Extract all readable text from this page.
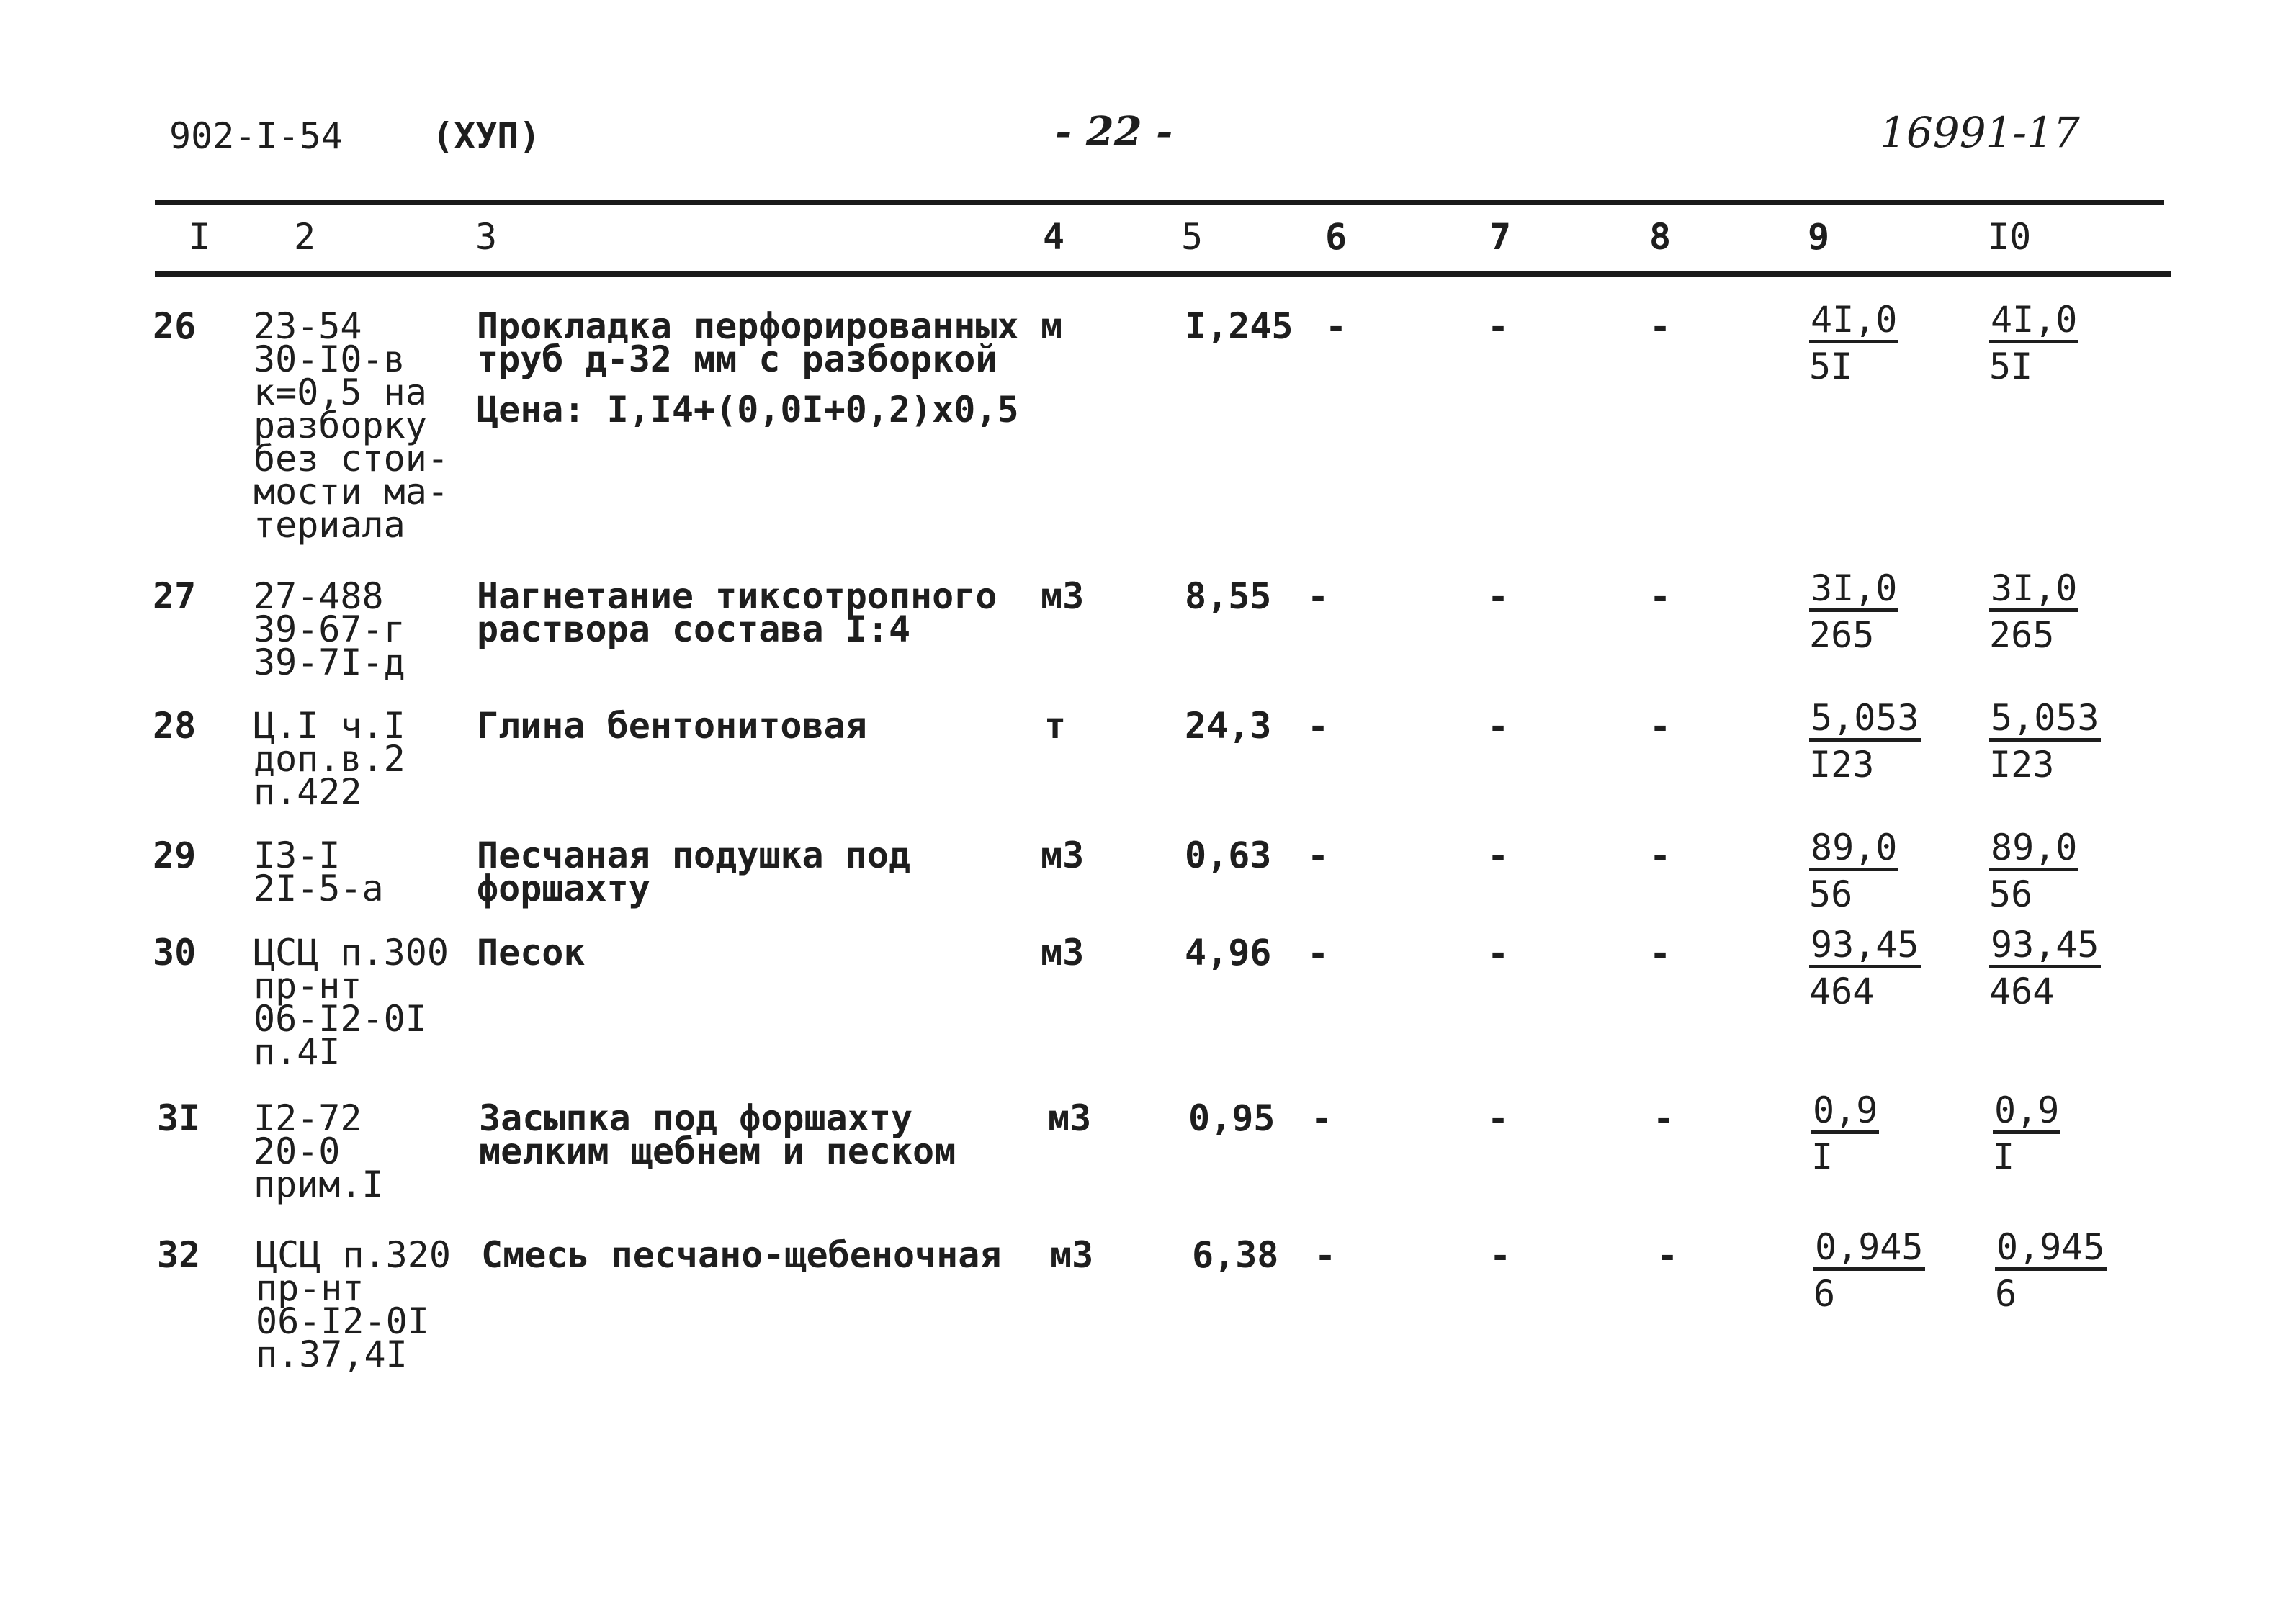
902-I-54 (ХУП)	- 22 -	16991-17
I 2	3	4	5	6	7	8	9	I0
26 23-54
30-I0-в
к=0,5 на
разборку
без стои-
мости ма-
териала
Прокладка перфорированных
труб д-32 мм с разборкой
Цена: I,I4+(0,0I+0,2)x0,5
м	I,245 -	-	-	$\frac{4I,0}{5I}$	$\frac{4I,0}{5I}$
27 27-488
39-67-г
39-7I-д
Нагнетание тиксотропного
раствора состава I:4
м3	8,55 -	-	-	$\frac{3I,0}{265}$	$\frac{3I,0}{265}$
28 Ц.I ч.I
доп.в.2
п.422
Глина бентонитовая	т	24,3 -	-	-	$\frac{5,053}{I23} \frac{5,053}{I23}$
29 I3-I
2I-5-а
Песчаная подушка под
форшахту
м3	0,63 -	-	-	$\frac{89,0}{56}$	$\frac{89,0}{56}$
30 ЦСЦ п.300
пр-нт
06-I2-0I
п.4I
Песок	м3	4,96 -	-	-	$\frac{93,45}{464} \frac{93,45}{464}$
3I I2-72
20-0
прим.I
Засыпка под форшахту
мелким щебнем и песком
м3	0,95 -	-	-	$\frac{0,9}{I}$	$\frac{0,9}{I}$
32 ЦСЦ п.320
пр-нт
06-I2-0I
п.37,4I
Смесь песчано-щебеночная м3	6,38 -	-	-	$\frac{0,945}{6} \frac{0,945}{6}$
